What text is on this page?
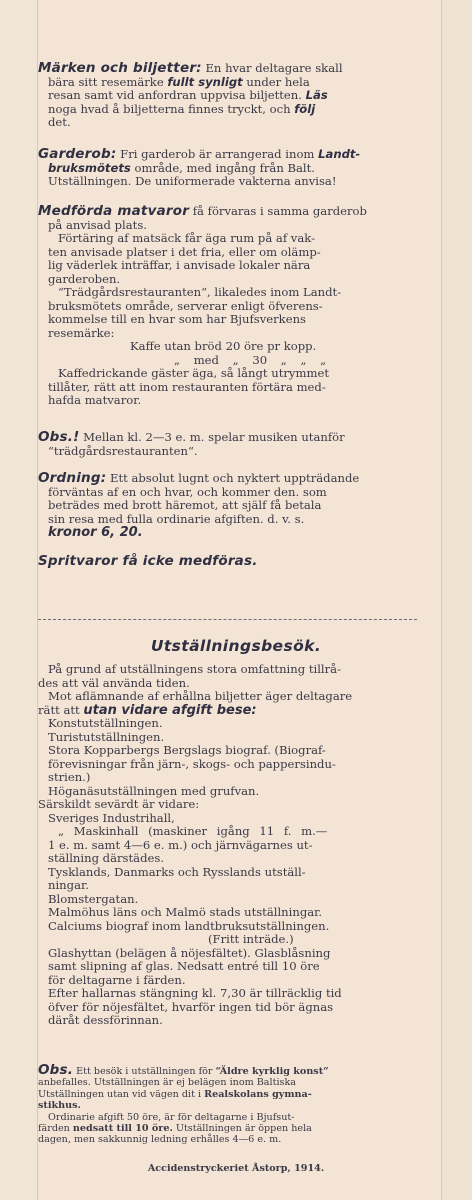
Märken och biljetter: En hvar deltagare skall

bära sitt resemärke fullt synligt under hela

resan samt vid anfordran uppvisa biljetten. Läs

noga hvad å biljetterna finnes tryckt, och följ

det.

Garderob: Fri garderob är arrangerad inom Landt-

bruksmötets område, med ingång från Balt.

Utställningen. De uniformerade vakterna anvisa!

Medförda matvaror få förvaras i samma garderob

på anvisad plats.

Förtäring af matsäck får äga rum på af vak-

ten anvisade platser i det fria, eller om olämp-

lig väderlek inträffar, i anvisade lokaler nära

garderoben.

“Trädgårdsrestauranten“, likaledes inom Landt-

bruksmötets område, serverar enligt öfverens-

kommelse till en hvar som har Bjufsverkens

resemärke:

Kaffe utan bröd 20 öre pr kopp.

„ med „ 30 „ „ „

Kaffedrickande gäster äga, så långt utrymmet

tillåter, rätt att inom restauranten förtära med-

hafda matvaror.

Obs.! Mellan kl. 2—3 e. m. spelar musiken utanför

“trädgårdsrestauranten“.

Ordning: Ett absolut lugnt och nyktert uppträdande

förväntas af en och hvar, och kommer den. som

beträdes med brott häremot, att själf få betala

sin resa med fulla ordinarie afgiften. d. v. s.

kronor 6, 20.

Spritvaror få icke medföras.

Utställningsbesök.

På grund af utställningens stora omfattning tillrå-

des att väl använda tiden.

Mot aflämnande af erhållna biljetter äger deltagare

rätt att utan vidare afgift bese:

Konstutställningen.

Turistutställningen.

Stora Kopparbergs Bergslags biograf. (Biograf-

förevisningar från järn-, skogs- och pappersindu-

strien.)

Höganäsutställningen med grufvan.

Särskildt sevärdt är vidare:

Sveriges Industrihall,

„ Maskinhall (maskiner igång 11 f. m.—

1 e. m. samt 4—6 e. m.) och järnvägarnes ut-

ställning därstädes.

Tysklands, Danmarks och Rysslands utställ-

ningar.

Blomstergatan.

Malmöhus läns och Malmö stads utställningar.

Calciums biograf inom landtbruksutställningen.

(Fritt inträde.)

Glashyttan (belägen å nöjesfältet). Glasblåsning

samt slipning af glas. Nedsatt entré till 10 öre

för deltagarne i färden.

Efter hallarnas stängning kl. 7,30 är tillräcklig tid

öfver för nöjesfältet, hvarför ingen tid bör ägnas

däråt dessförinnan.

Obs. Ett besök i utställningen för “Äldre kyrklig konst“

anbefalles. Utställningen är ej belägen inom Baltiska

Utställningen utan vid vägen dit i Realskolans gymna-

stikhus.

Ordinarie afgift 50 öre, är för deltagarne i Bjufsut-

färden nedsatt till 10 öre. Utställningen är öppen hela

dagen, men sakkunnig ledning erhålles 4—6 e. m.

Accidenstryckeriet Åstorp, 1914.
